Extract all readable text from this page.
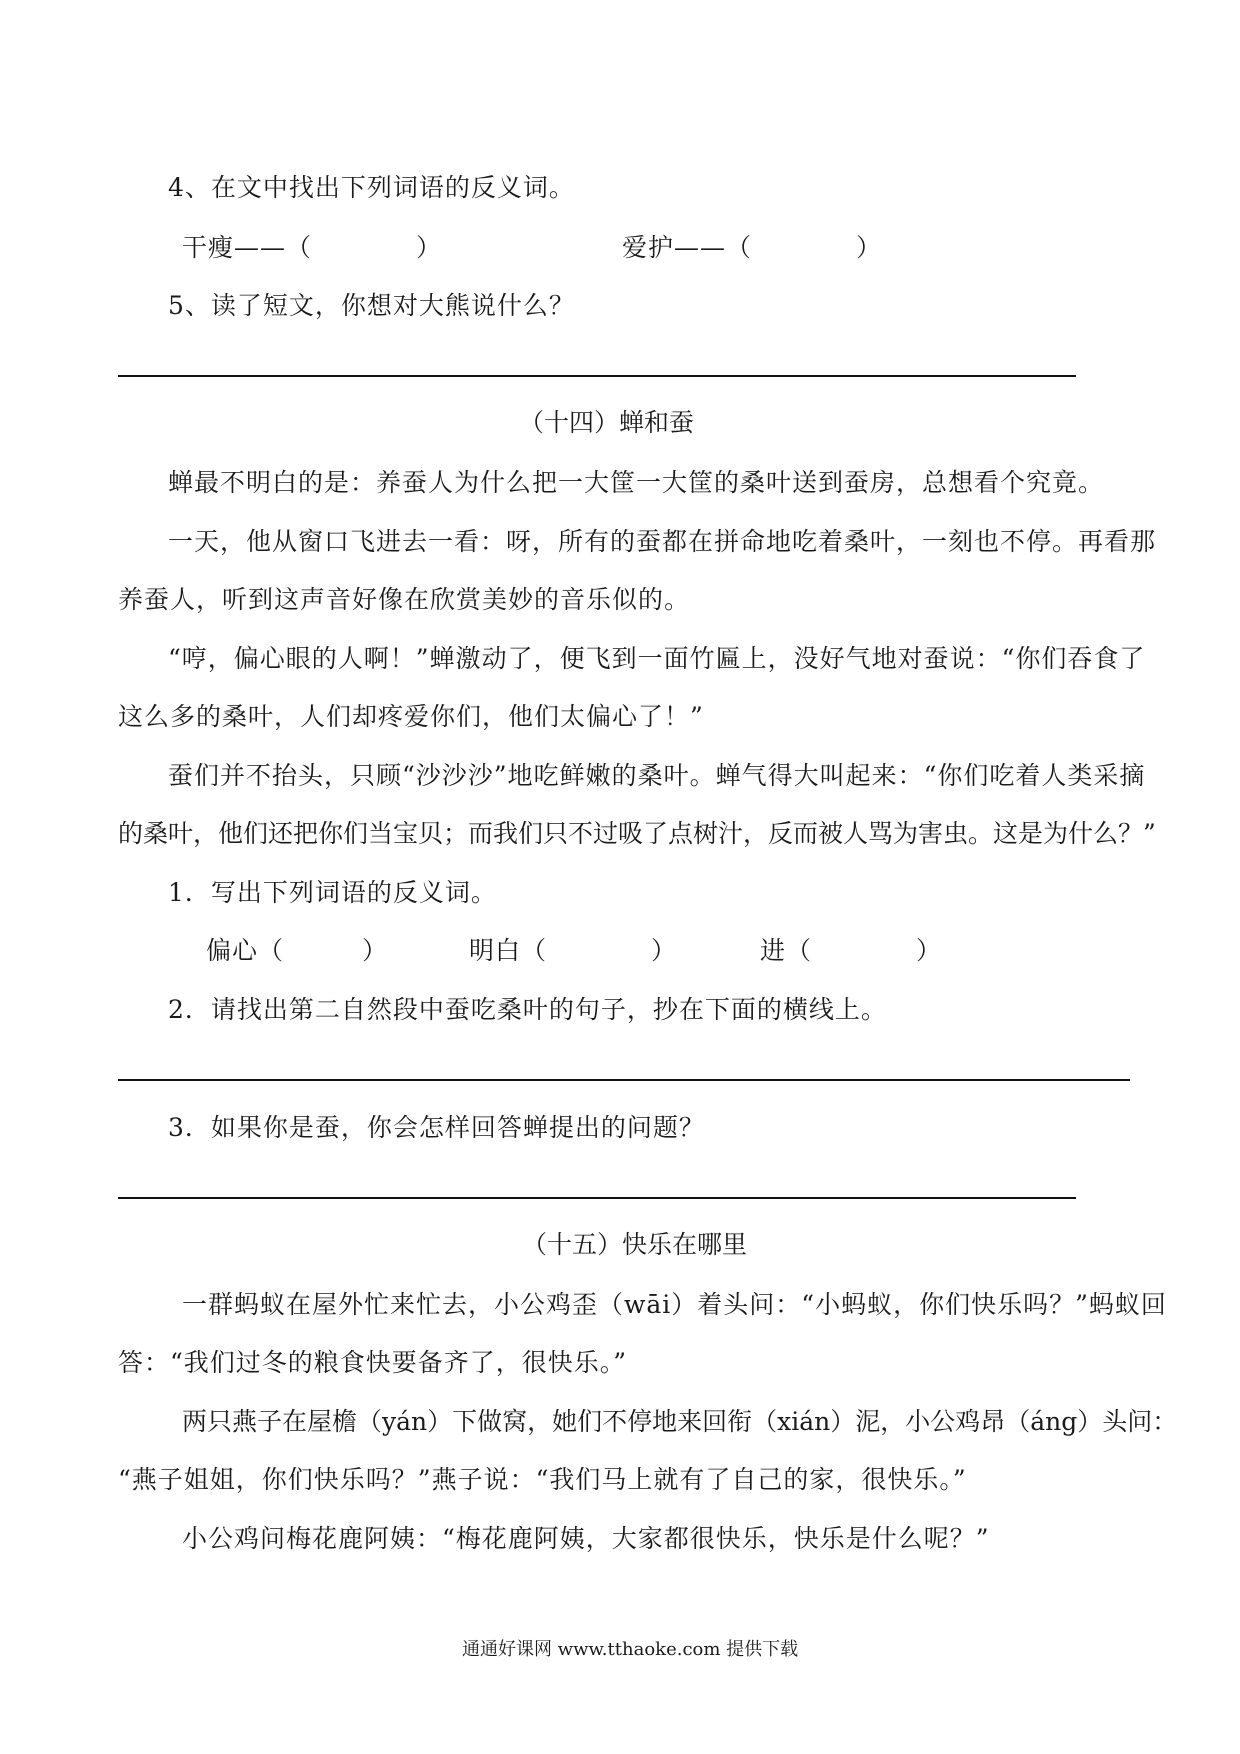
4、在文中找出下列词语的反义词。
干瘦——（　　　　）	爱护——（　　　　）
5、读了短文，你想对大熊说什么？
（十四）蝉和蚕
蝉最不明白的是：养蚕人为什么把一大筐一大筐的桑叶送到蚕房，总想看个究竟。
一天，他从窗口飞进去一看：呀，所有的蚕都在拼命地吃着桑叶，一刻也不停。再看那
养蚕人，听到这声音好像在欣赏美妙的音乐似的。
“哼，偏心眼的人啊！”蝉激动了，便飞到一面竹匾上，没好气地对蚕说：“你们吞食了
这么多的桑叶，人们却疼爱你们，他们太偏心了！”
蚕们并不抬头，只顾“沙沙沙”地吃鲜嫩的桑叶。蝉气得大叫起来：“你们吃着人类采摘
的桑叶，他们还把你们当宝贝；而我们只不过吸了点树汁，反而被人骂为害虫。这是为什么？”
1．写出下列词语的反义词。
偏心（　　　）	明白（　　　　）	进（　　　　）
2．请找出第二自然段中蚕吃桑叶的句子，抄在下面的横线上。
3．如果你是蚕，你会怎样回答蝉提出的问题？
（十五）快乐在哪里
一群蚂蚁在屋外忙来忙去，小公鸡歪（wāi）着头问：“小蚂蚁，你们快乐吗？”蚂蚁回
答：“我们过冬的粮食快要备齐了，很快乐。”
两只燕子在屋檐（yán）下做窝，她们不停地来回衔（xián）泥，小公鸡昂（áng）头问：
“燕子姐姐，你们快乐吗？”燕子说：“我们马上就有了自己的家，很快乐。”
小公鸡问梅花鹿阿姨：“梅花鹿阿姨，大家都很快乐，快乐是什么呢？”
通通好课网 www.tthaoke.com 提供下载
